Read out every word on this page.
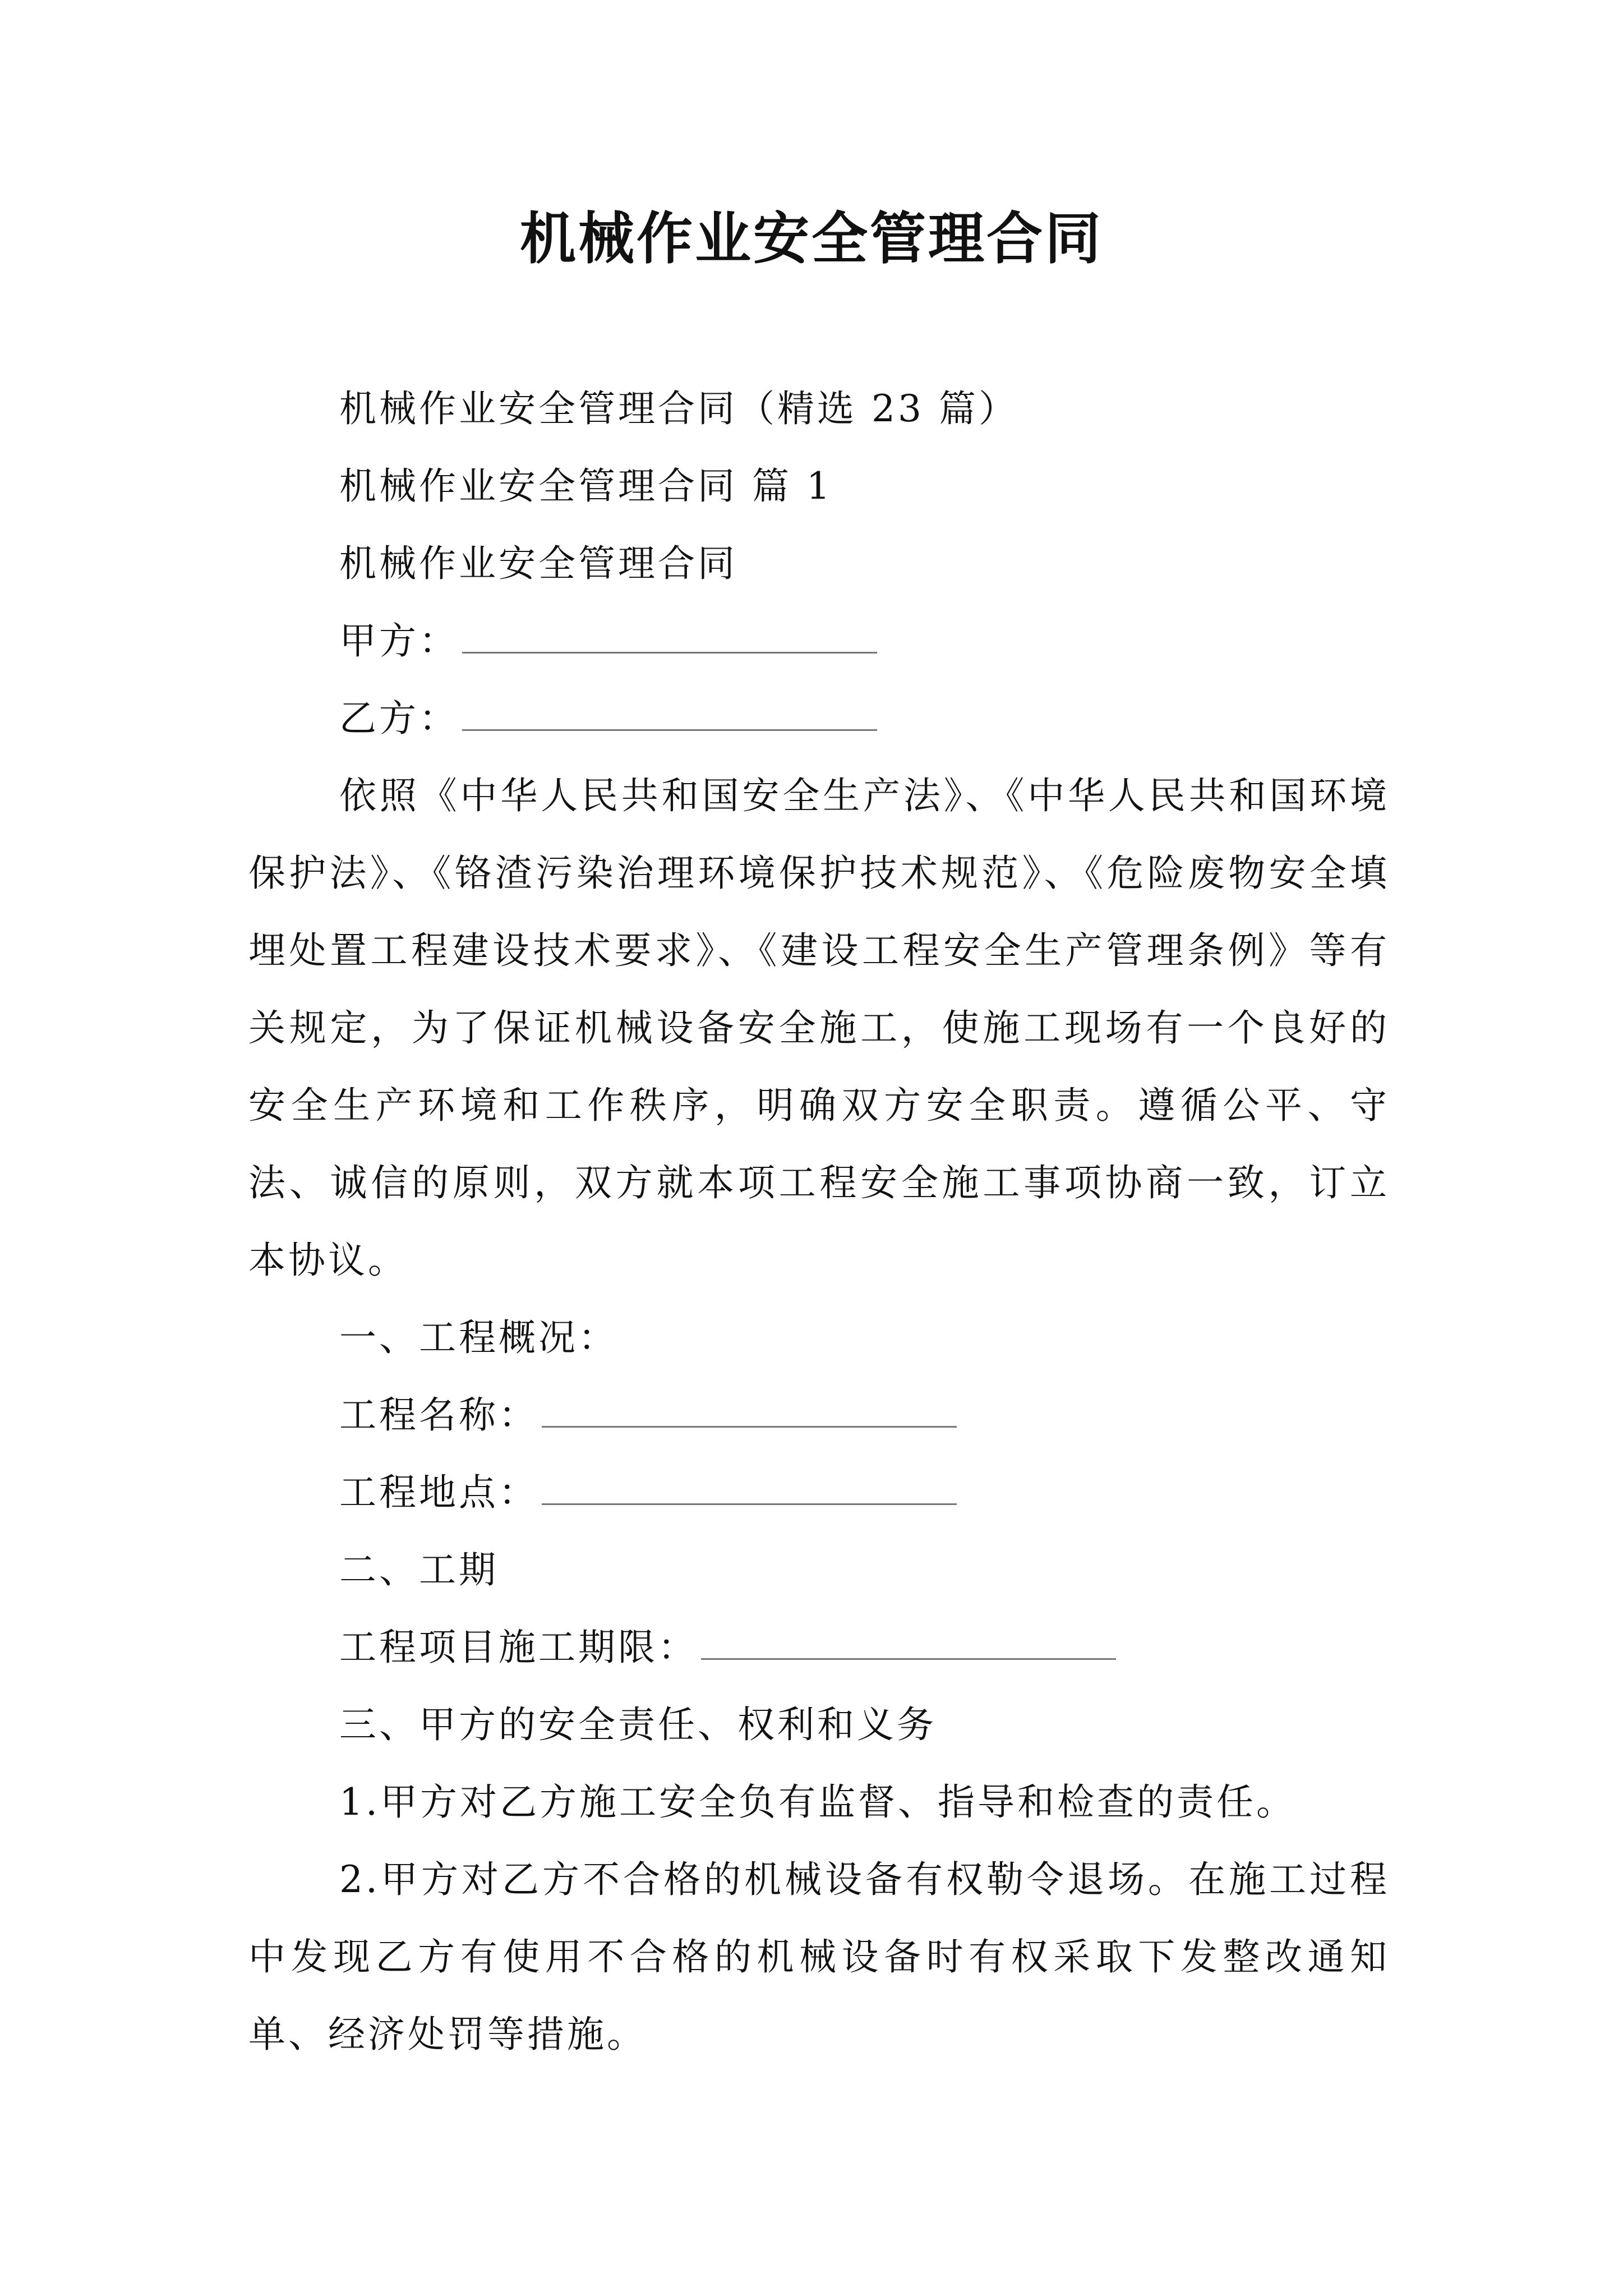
机械作业安全管理合同
机械作业安全管理合同（精选 23 篇）
机械作业安全管理合同 篇 1
机械作业安全管理合同
甲方：
乙方：

依照《中华人民共和国安全生产法》、《中华人民共和国环境保护法》、《铬渣污染治理环境保护技术规范》、《危险废物安全填埋处置工程建设技术要求》、《建设工程安全生产管理条例》等有关规定，为了保证机械设备安全施工，使施工现场有一个良好的安全生产环境和工作秩序，明确双方安全职责。遵循公平、守法、诚信的原则，双方就本项工程安全施工事项协商一致，订立本协议。

一、工程概况：
工程名称：
工程地点：
二、工期
工程项目施工期限：
三、甲方的安全责任、权利和义务

1.甲方对乙方施工安全负有监督、指导和检查的责任。

2.甲方对乙方不合格的机械设备有权勒令退场。在施工过程中发现乙方有使用不合格的机械设备时有权采取下发整改通知单、经济处罚等措施。
